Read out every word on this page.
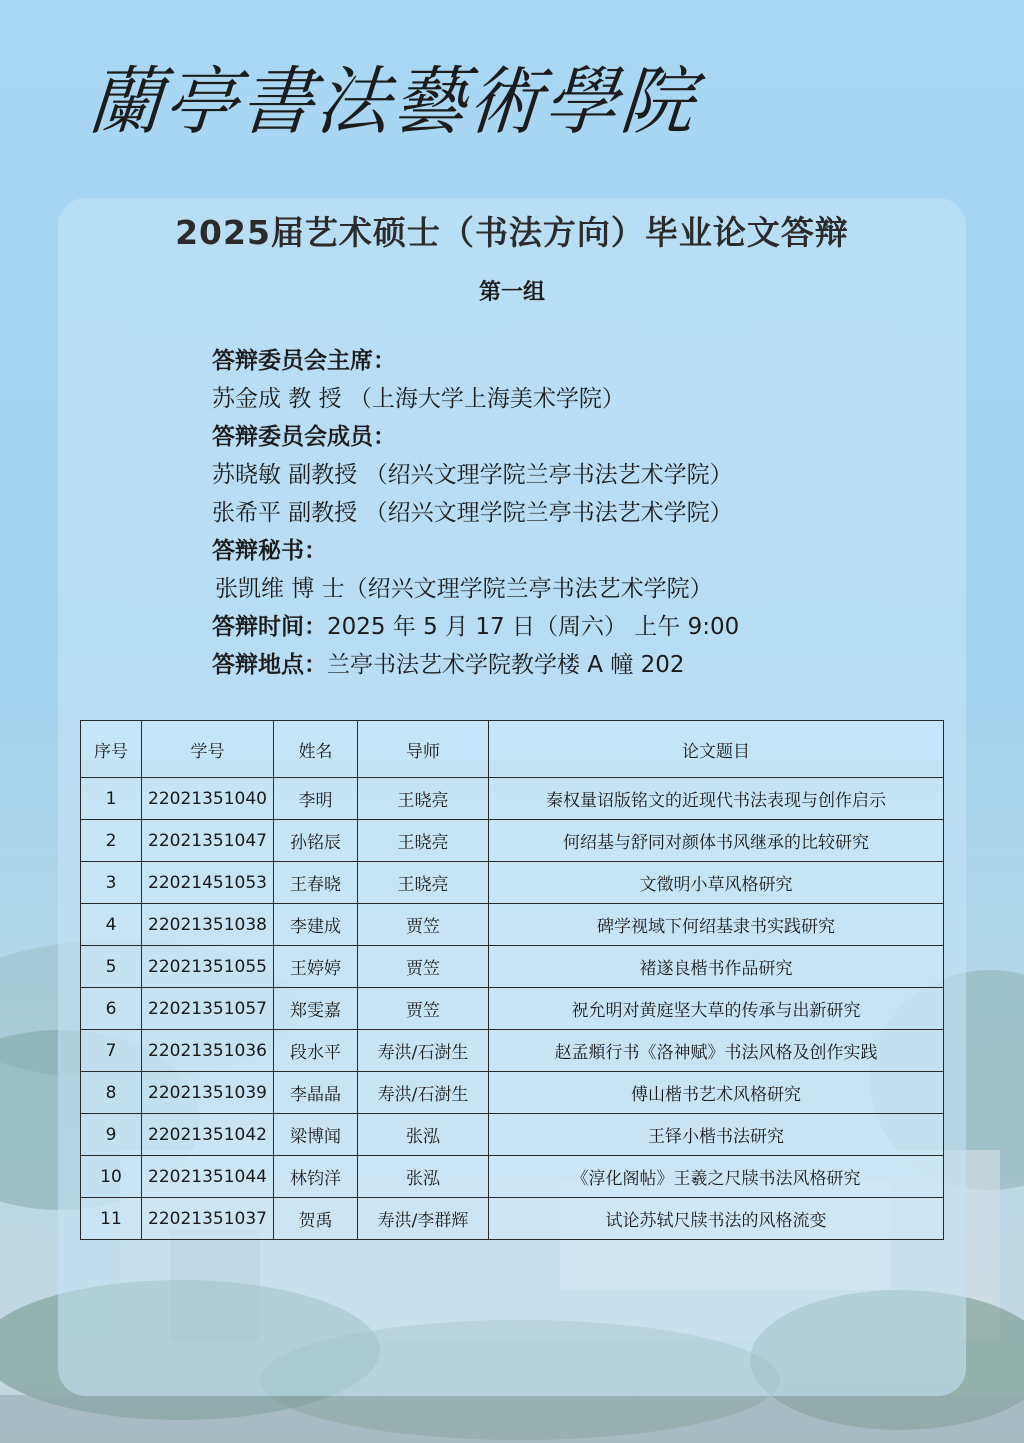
蘭亭書法藝術學院
2025届艺术硕士（书法方向）毕业论文答辩
第一组
答辩委员会主席：
苏金成 教 授 （上海大学上海美术学院）
答辩委员会成员：
苏晓敏 副教授 （绍兴文理学院兰亭书法艺术学院）
张希平 副教授 （绍兴文理学院兰亭书法艺术学院）
答辩秘书：
张凯维 博 士（绍兴文理学院兰亭书法艺术学院）
答辩时间：2025 年 5 月 17 日（周六） 上午 9:00
答辩地点：兰亭书法艺术学院教学楼 A 幢 202
序号	学号	姓名	导师	论文题目
1	22021351040	李明	王晓亮	秦权量诏版铭文的近现代书法表现与创作启示
2	22021351047	孙铭辰	王晓亮	何绍基与舒同对颜体书风继承的比较研究
3	22021451053	王春晓	王晓亮	文徵明小草风格研究
4	22021351038	李建成	贾笠	碑学视域下何绍基隶书实践研究
5	22021351055	王婷婷	贾笠	褚遂良楷书作品研究
6	22021351057	郑雯嘉	贾笠	祝允明对黄庭坚大草的传承与出新研究
7	22021351036	段水平	寿洪/石澍生	赵孟頫行书《洛神赋》书法风格及创作实践
8	22021351039	李晶晶	寿洪/石澍生	傅山楷书艺术风格研究
9	22021351042	梁博闻	张泓	王铎小楷书法研究
10	22021351044	林钧洋	张泓	《淳化阁帖》王羲之尺牍书法风格研究
11	22021351037	贺禹	寿洪/李群辉	试论苏轼尺牍书法的风格流变
